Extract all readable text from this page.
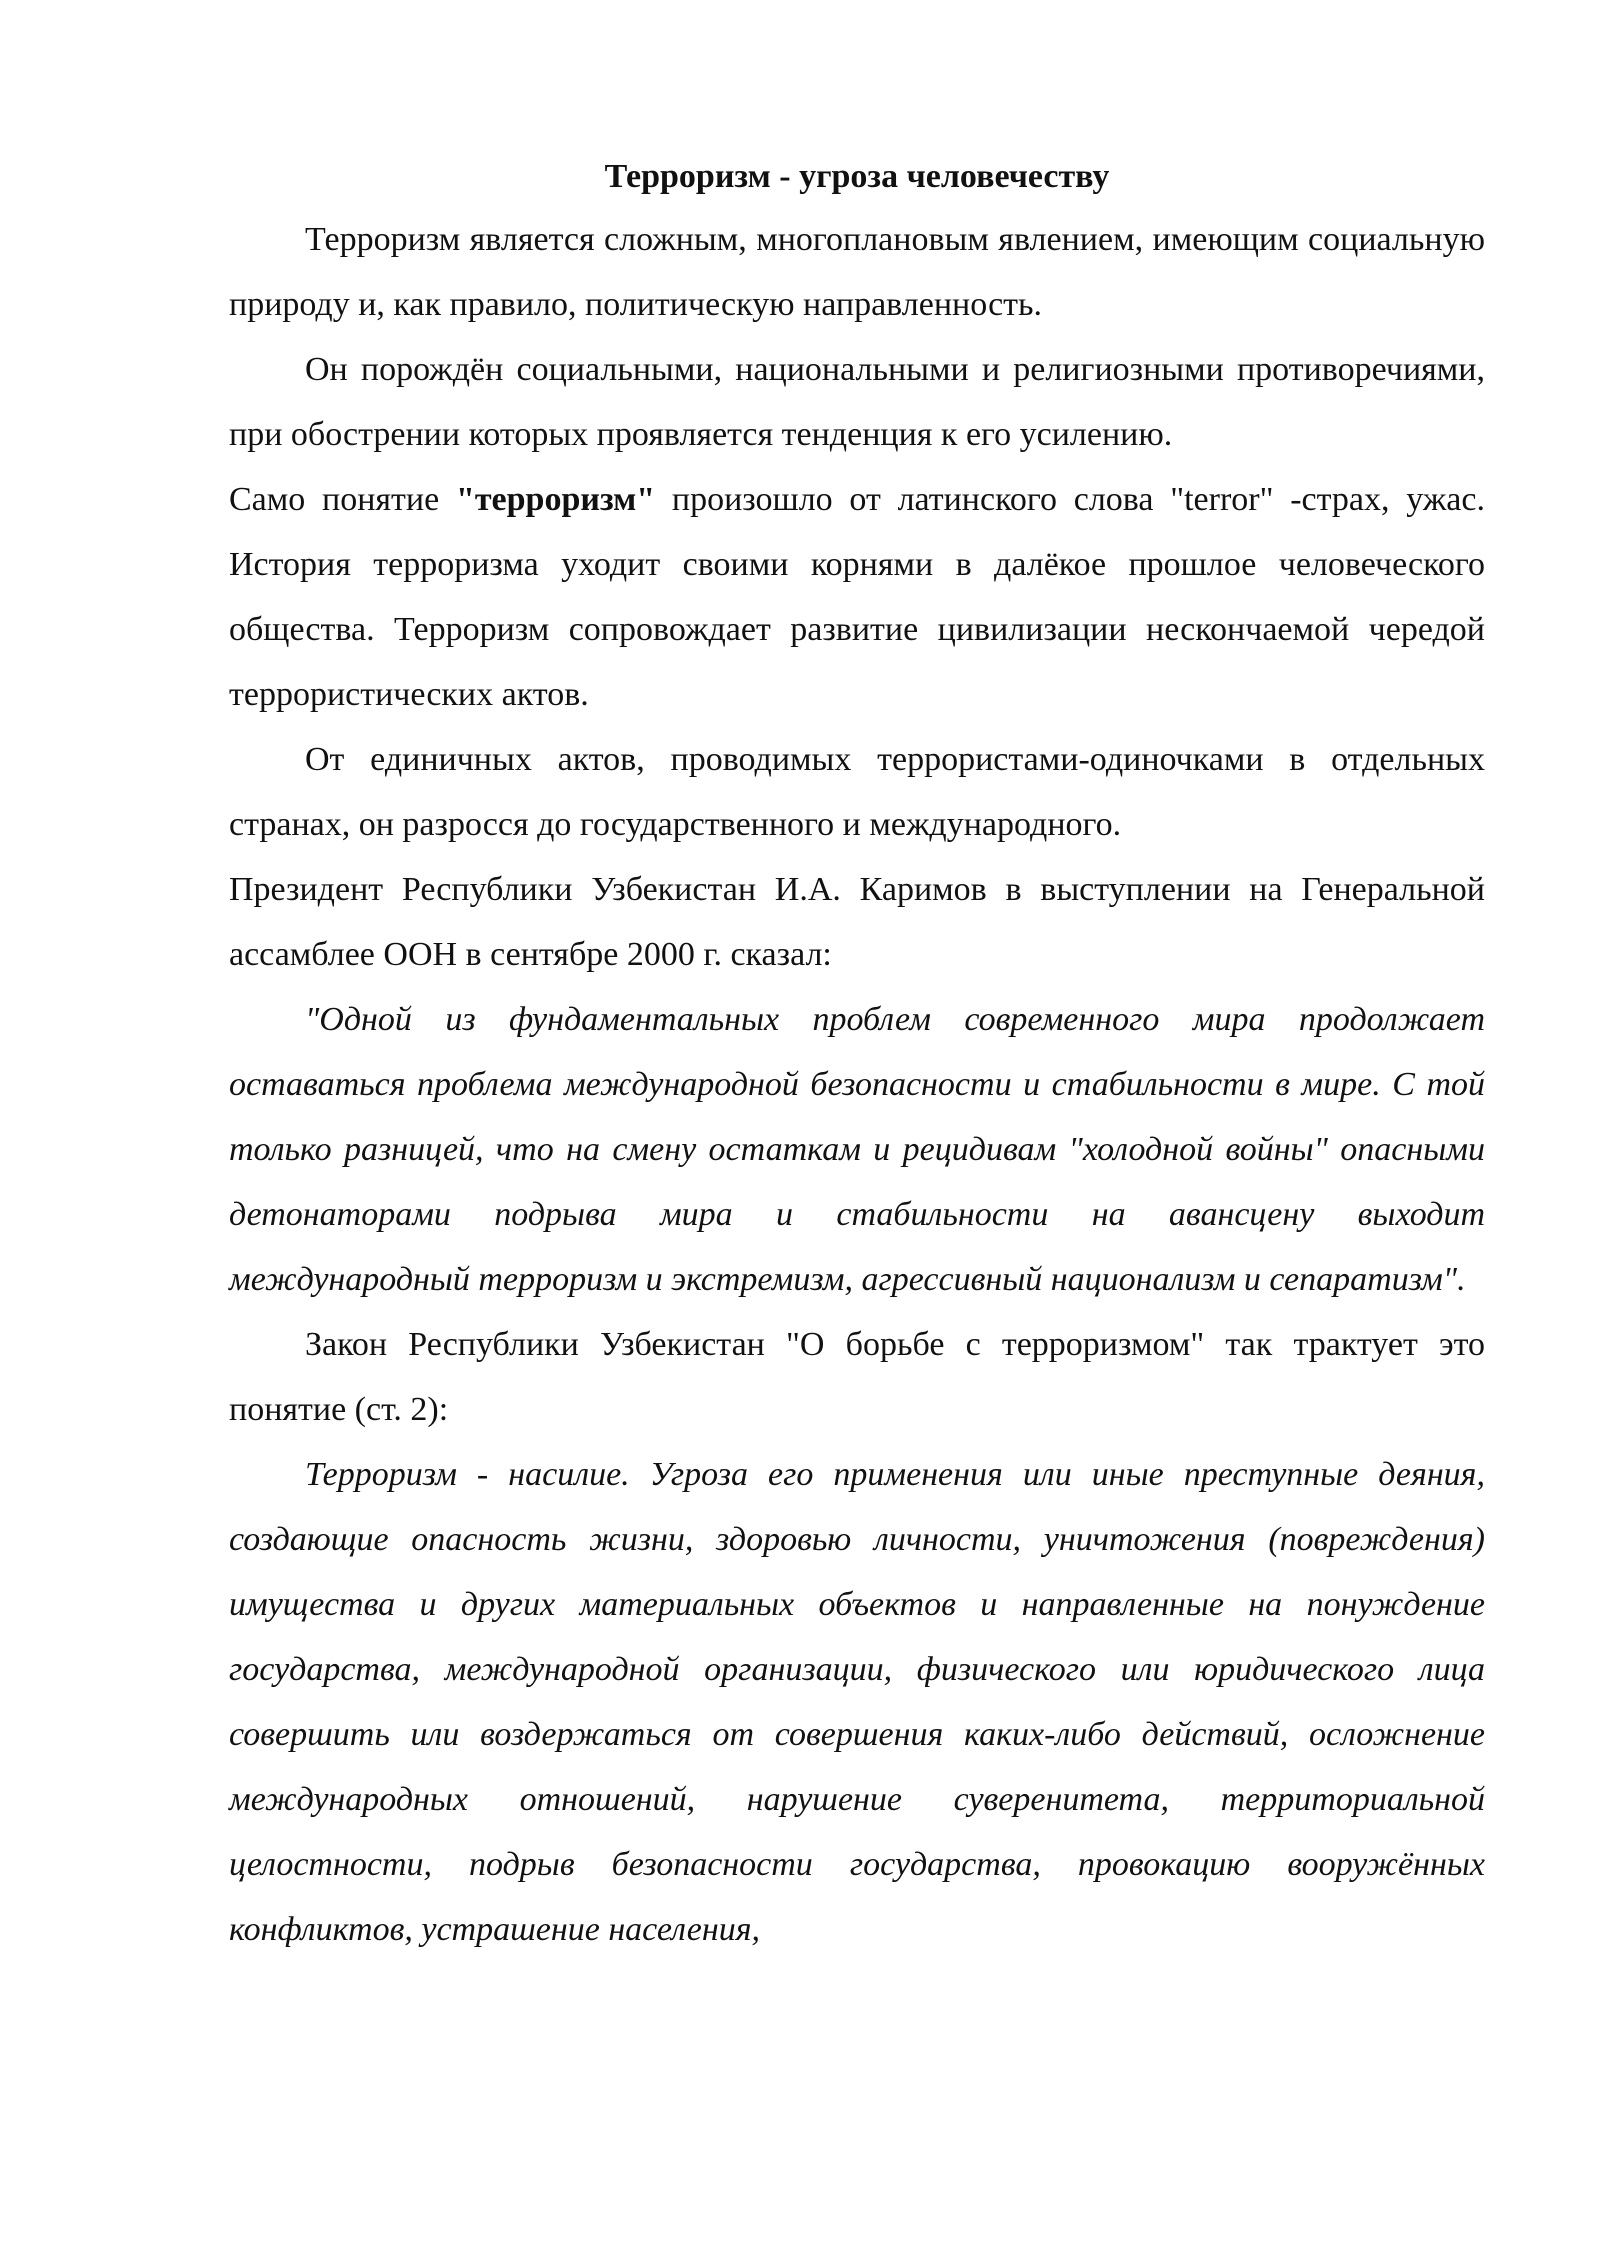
Терроризм - угроза человечеству

Терроризм является сложным, многоплановым явлением, имеющим социальную природу и, как правило, политическую направленность.

Он порождён социальными, национальными и религиозными противоречиями, при обострении которых проявляется тенденция к его усилению.

Само понятие "терроризм" произошло от латинского слова "terror" -страх, ужас. История терроризма уходит своими корнями в далёкое прошлое человеческого общества. Терроризм сопровождает развитие цивилизации нескончаемой чередой террористических актов.

От единичных актов, проводимых террористами-одиночками в отдельных странах, он разросся до государственного и международного.

Президент Республики Узбекистан И.А. Каримов в выступлении на Генеральной ассамблее ООН в сентябре 2000 г. сказал:

"Одной из фундаментальных проблем современного мира продолжает оставаться проблема международной безопасности и стабильности в мире. С той только разницей, что на смену остаткам и рецидивам "холодной войны" опасными детонаторами подрыва мира и стабильности на авансцену выходит международный терроризм и экстремизм, агрессивный национализм и сепаратизм".

Закон Республики Узбекистан "О борьбе с терроризмом" так трактует это понятие (ст. 2):

Терроризм - насилие. Угроза его применения или иные преступные деяния, создающие опасность жизни, здоровью личности, уничтожения (повреждения) имущества и других материальных объектов и направленные на понуждение государства, международной организации, физического или юридического лица совершить или воздержаться от совершения каких-либо действий, осложнение международных отношений, нарушение суверенитета, территориальной целостности, подрыв безопасности государства, провокацию вооружённых конфликтов, устрашение населения,
